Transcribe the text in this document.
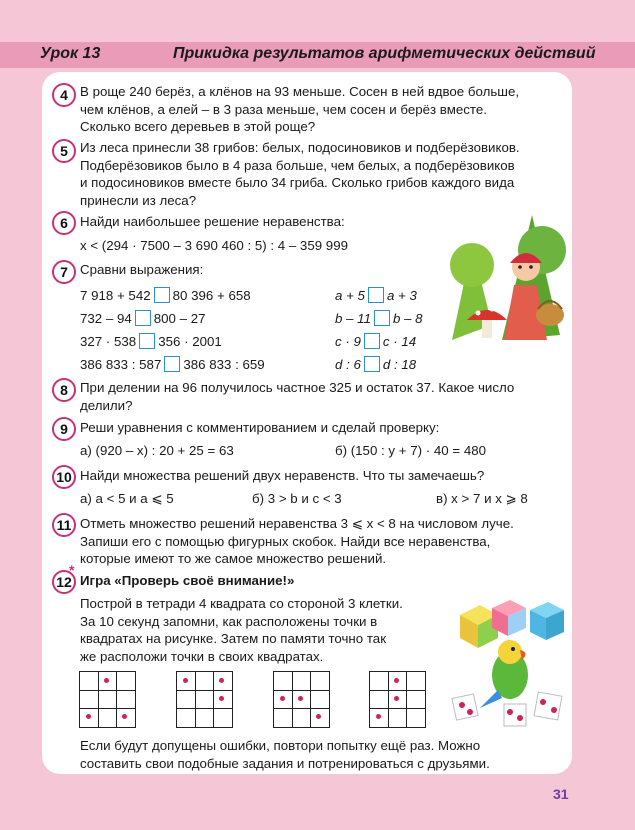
Урок 13	Прикидка результатов арифметических действий
4 В роще 240 берёз, а клёнов на 93 меньше. Сосен в ней вдвое больше,
чем клёнов, а елей – в 3 раза меньше, чем сосен и берёз вместе.
Сколько всего деревьев в этой роще?
5 Из леса принесли 38 грибов: белых, подосиновиков и подберёзовиков.
Подберёзовиков было в 4 раза больше, чем белых, а подберёзовиков
и подосиновиков вместе было 34 гриба. Сколько грибов каждого вида
принесли из леса?
6 Найди наибольшее решение неравенства:
x < (294 · 7500 – 3 690 460 : 5) : 4 – 359 999
7 Сравни выражения:
7 918 + 542 80 396 + 658
732 – 94 800 – 27
327 · 538 356 · 2001
386 833 : 587 386 833 : 659
a + 5 a + 3
b – 11 b – 8
c · 9 c · 14
d : 6 d : 18
8 При делении на 96 получилось частное 325 и остаток 37. Какое число
делили?
9 Реши уравнения с комментированием и сделай проверку:
а) (920 – x) : 20 + 25 = 63	б) (150 : y + 7) · 40 = 480
10 Найди множества решений двух неравенств. Что ты замечаешь?
а) a < 5 и a ⩽ 5	б) 3 > b и c < 3	в) x > 7 и x ⩾ 8
11 Отметь множество решений неравенства 3 ⩽ x < 8 на числовом луче.
Запиши его с помощью фигурных скобок. Найди все неравенства,
которые имеют то же самое множество решений.
12 Игра «Проверь своё внимание!»
Построй в тетради 4 квадрата со стороной 3 клетки.
За 10 секунд запомни, как расположены точки в
квадратах на рисунке. Затем по памяти точно так
же расположи точки в своих квадратах.
Если будут допущены ошибки, повтори попытку ещё раз. Можно
составить свои подобные задания и потренироваться с друзьями.
*
31
